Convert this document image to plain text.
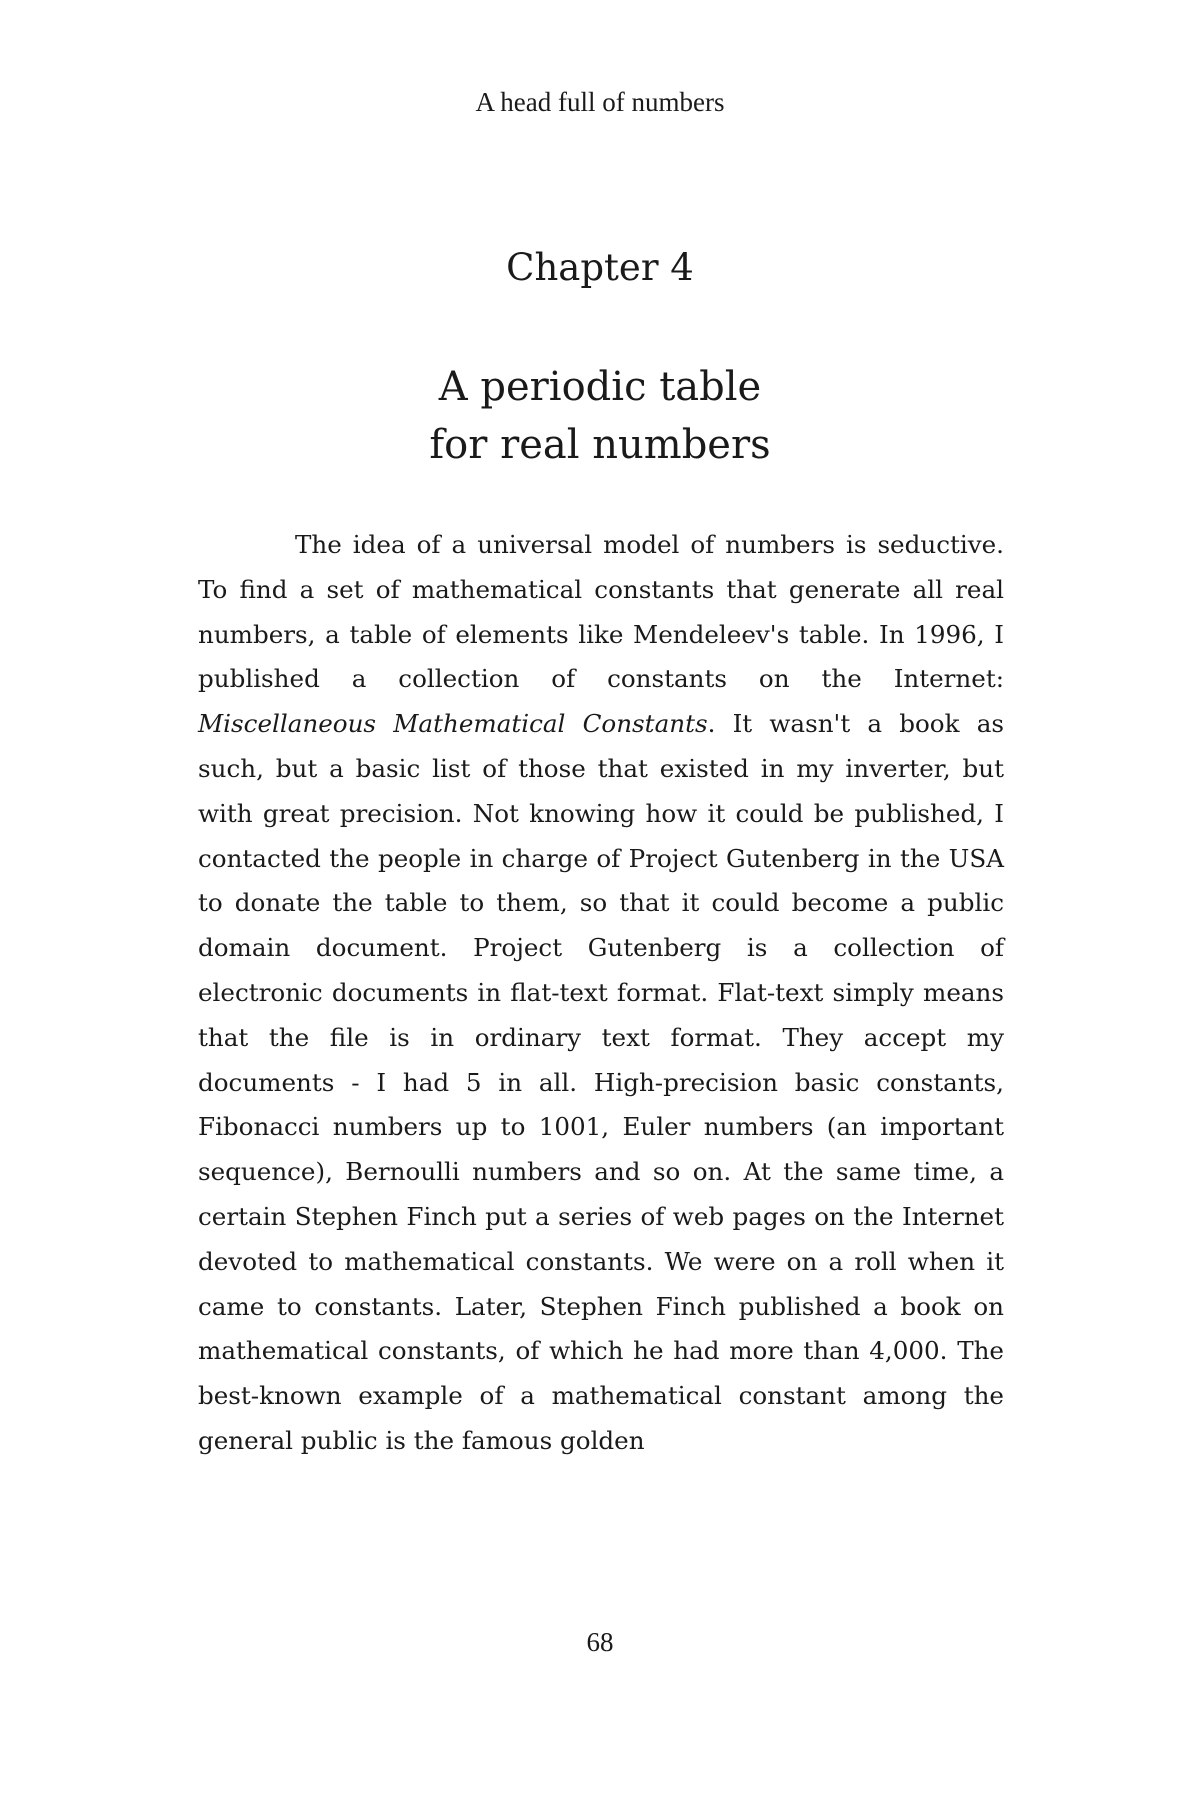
A head full of numbers
Chapter 4
A periodic table
for real numbers

The idea of a universal model of numbers is seductive. To find a set of mathematical constants that generate all real numbers, a table of elements like Mendeleev's table. In 1996, I published a collection of constants on the Internet: Miscellaneous Mathematical Constants. It wasn't a book as such, but a basic list of those that existed in my inverter, but with great precision. Not knowing how it could be published, I contacted the people in charge of Project Gutenberg in the USA to donate the table to them, so that it could become a public domain document. Project Gutenberg is a collection of electronic documents in flat-text format. Flat-text simply means that the file is in ordinary text format. They accept my documents - I had 5 in all. High-precision basic constants, Fibonacci numbers up to 1001, Euler numbers (an important sequence), Bernoulli numbers and so on. At the same time, a certain Stephen Finch put a series of web pages on the Internet devoted to mathematical constants. We were on a roll when it came to constants. Later, Stephen Finch published a book on mathematical constants, of which he had more than 4,000. The best-known example of a mathematical constant among the general public is the famous golden

68
